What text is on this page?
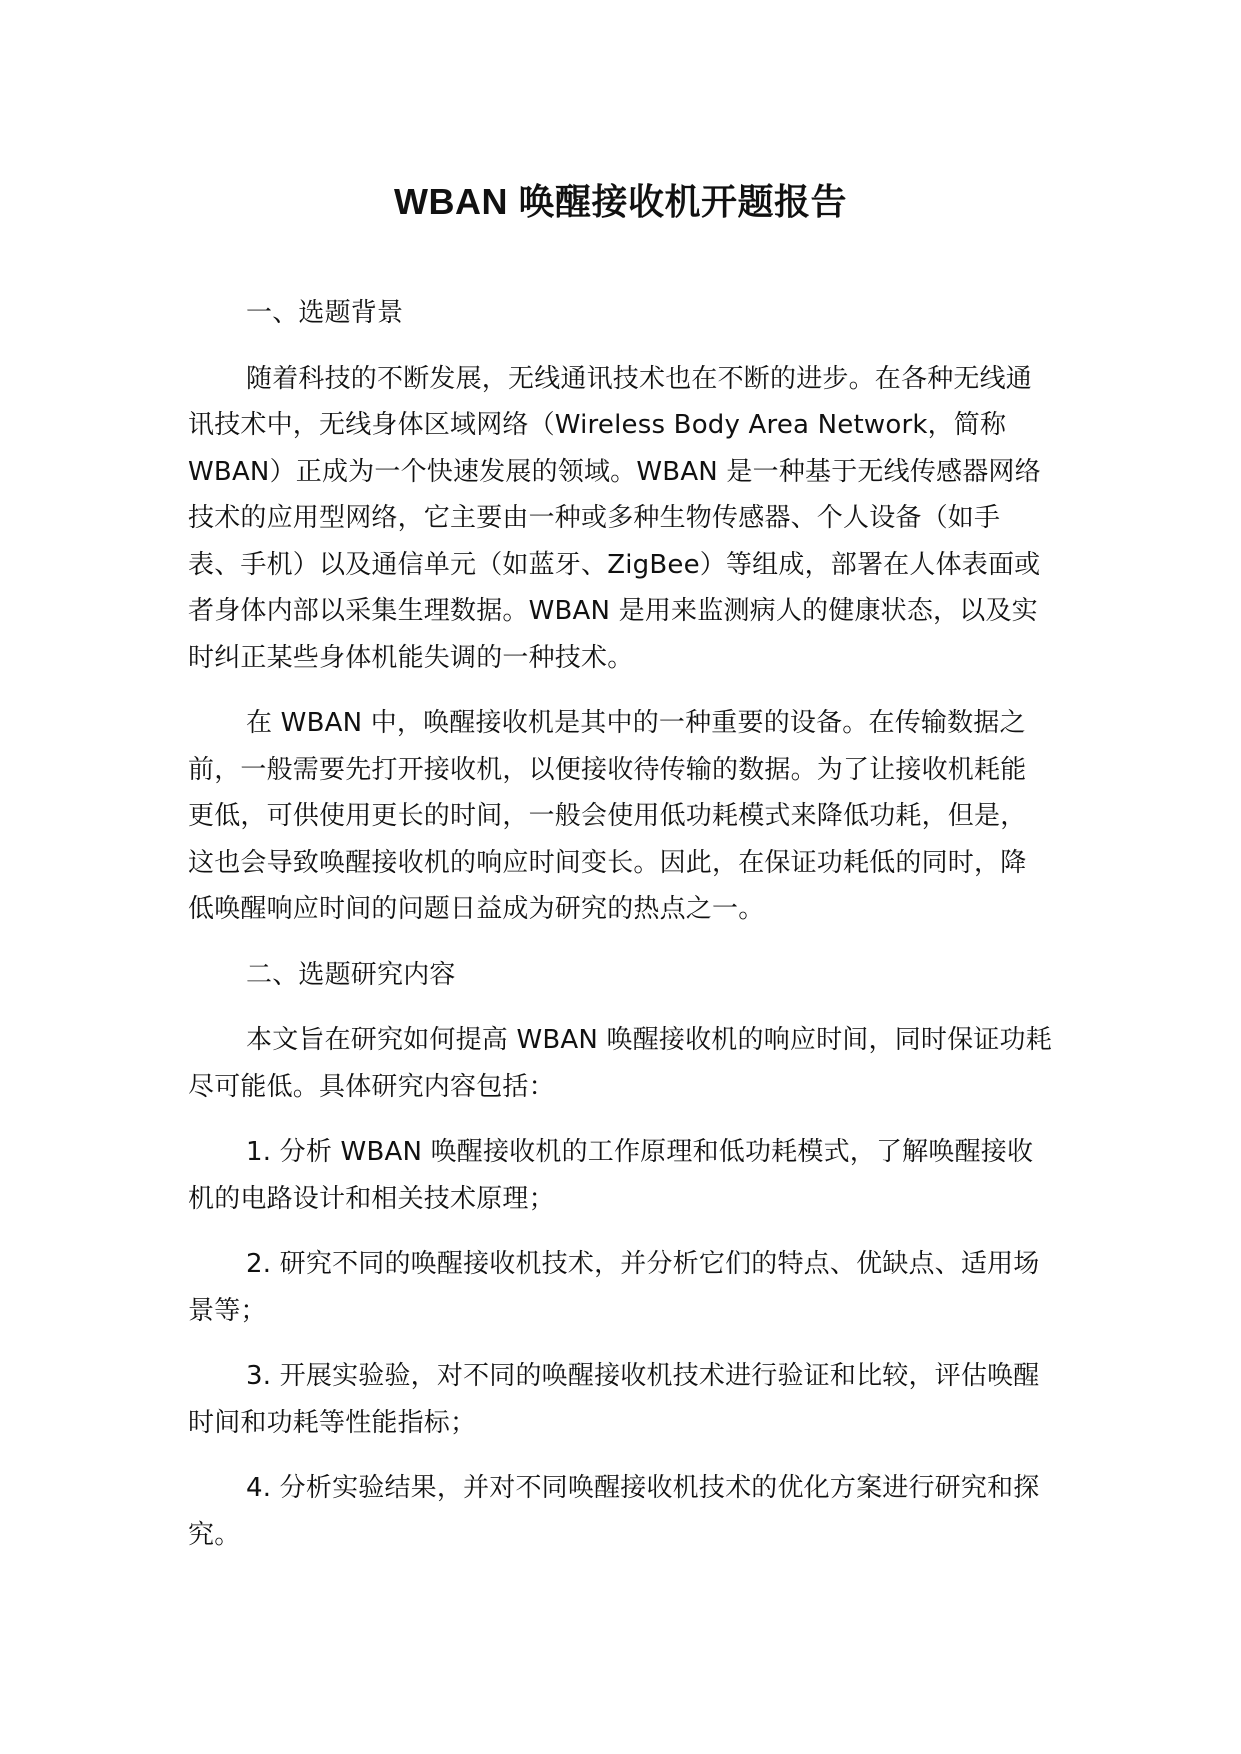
WBAN 唤醒接收机开题报告

一、选题背景

随着科技的不断发展，无线通讯技术也在不断的进步。在各种无线通讯技术中，无线身体区域网络（Wireless Body Area Network，简称WBAN）正成为一个快速发展的领域。WBAN 是一种基于无线传感器网络技术的应用型网络，它主要由一种或多种生物传感器、个人设备（如手表、手机）以及通信单元（如蓝牙、ZigBee）等组成，部署在人体表面或者身体内部以采集生理数据。WBAN 是用来监测病人的健康状态，以及实时纠正某些身体机能失调的一种技术。

在 WBAN 中，唤醒接收机是其中的一种重要的设备。在传输数据之前，一般需要先打开接收机，以便接收待传输的数据。为了让接收机耗能更低，可供使用更长的时间，一般会使用低功耗模式来降低功耗，但是，这也会导致唤醒接收机的响应时间变长。因此，在保证功耗低的同时，降低唤醒响应时间的问题日益成为研究的热点之一。

二、选题研究内容

本文旨在研究如何提高 WBAN 唤醒接收机的响应时间，同时保证功耗尽可能低。具体研究内容包括：

1. 分析 WBAN 唤醒接收机的工作原理和低功耗模式，了解唤醒接收机的电路设计和相关技术原理；

2. 研究不同的唤醒接收机技术，并分析它们的特点、优缺点、适用场景等；

3. 开展实验验，对不同的唤醒接收机技术进行验证和比较，评估唤醒时间和功耗等性能指标；

4. 分析实验结果，并对不同唤醒接收机技术的优化方案进行研究和探究。
